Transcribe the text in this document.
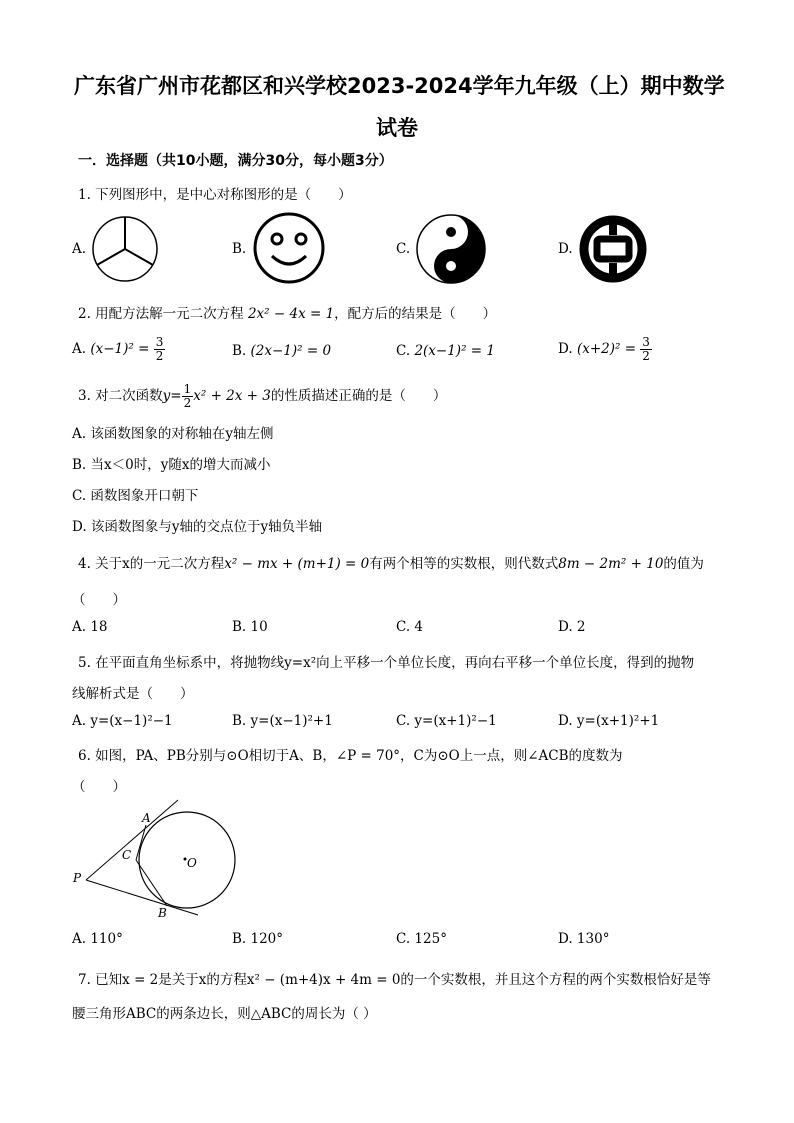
广东省广州市花都区和兴学校2023-2024学年九年级（上）期中数学
试卷
一．选择题（共10小题，满分30分，每小题3分）
1. 下列图形中，是中心对称图形的是（　　）
A.	B.	C.	D.
2. 用配方法解一元二次方程 2x² − 4x = 1，配方后的结果是（　　）
A. $(x-1)^2 = \frac{3}{2}$	B. (2x−1)² = 0	C. 2(x−1)² = 1	D. $(x+2)^2 = \frac{3}{2}$
3. 对二次函数$y= \frac{1}{2} x^2 + 2x + 3$的性质描述正确的是（　　）
A. 该函数图象的对称轴在y轴左侧
B. 当x＜0时，y随x的增大而减小
C. 函数图象开口朝下
D. 该函数图象与y轴的交点位于y轴负半轴
4. 关于x的一元二次方程x² − mx + (m+1) = 0有两个相等的实数根，则代数式8m − 2m² + 10的值为
（　　）
A. 18	B. 10	C. 4	D. 2
5. 在平面直角坐标系中，将抛物线y=x²向上平移一个单位长度，再向右平移一个单位长度，得到的抛物
线解析式是（　　）
A. y=(x−1)²−1	B. y=(x−1)²+1	C. y=(x+1)²−1	D. y=(x+1)²+1
6. 如图，PA、PB分别与⊙O相切于A、B，∠P = 70°，C为⊙O上一点，则∠ACB的度数为
（　　）
A
C
O
P
B
A. 110°	B. 120°	C. 125°	D. 130°
7. 已知x = 2是关于x的方程x² − (m+4)x + 4m = 0的一个实数根，并且这个方程的两个实数根恰好是等
腰三角形ABC的两条边长，则△ABC的周长为（ ）
